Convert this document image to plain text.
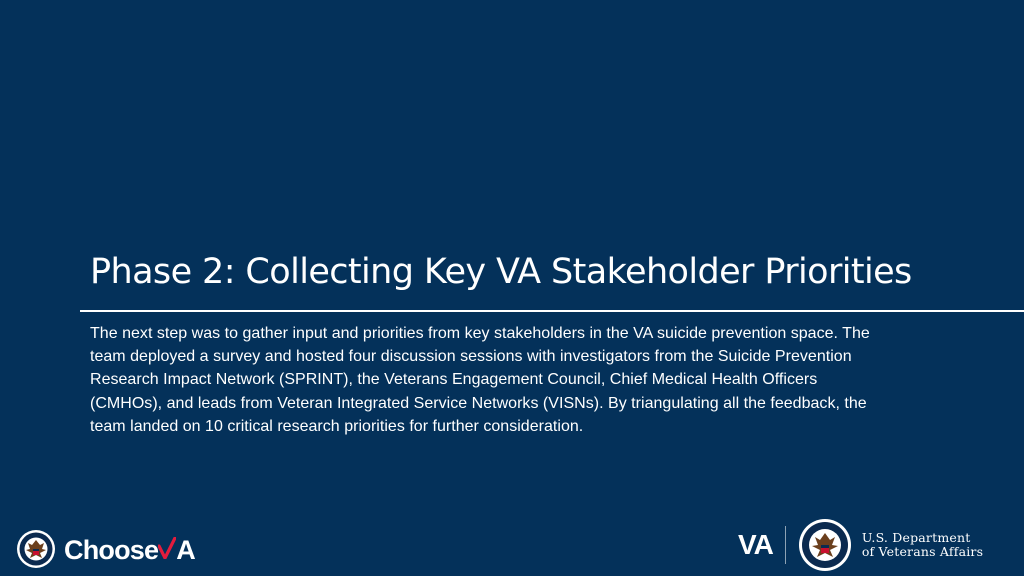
Phase 2: Collecting Key VA Stakeholder Priorities
The next step was to gather input and priorities from key stakeholders in the VA suicide prevention space. The team deployed a survey and hosted four discussion sessions with investigators from the Suicide Prevention Research Impact Network (SPRINT), the Veterans Engagement Council, Chief Medical Health Officers (CMHOs), and leads from Veteran Integrated Service Networks (VISNs). By triangulating all the feedback, the team landed on 10 critical research priorities for further consideration.
Choose A	VA	U.S. Department
of Veterans Affairs
